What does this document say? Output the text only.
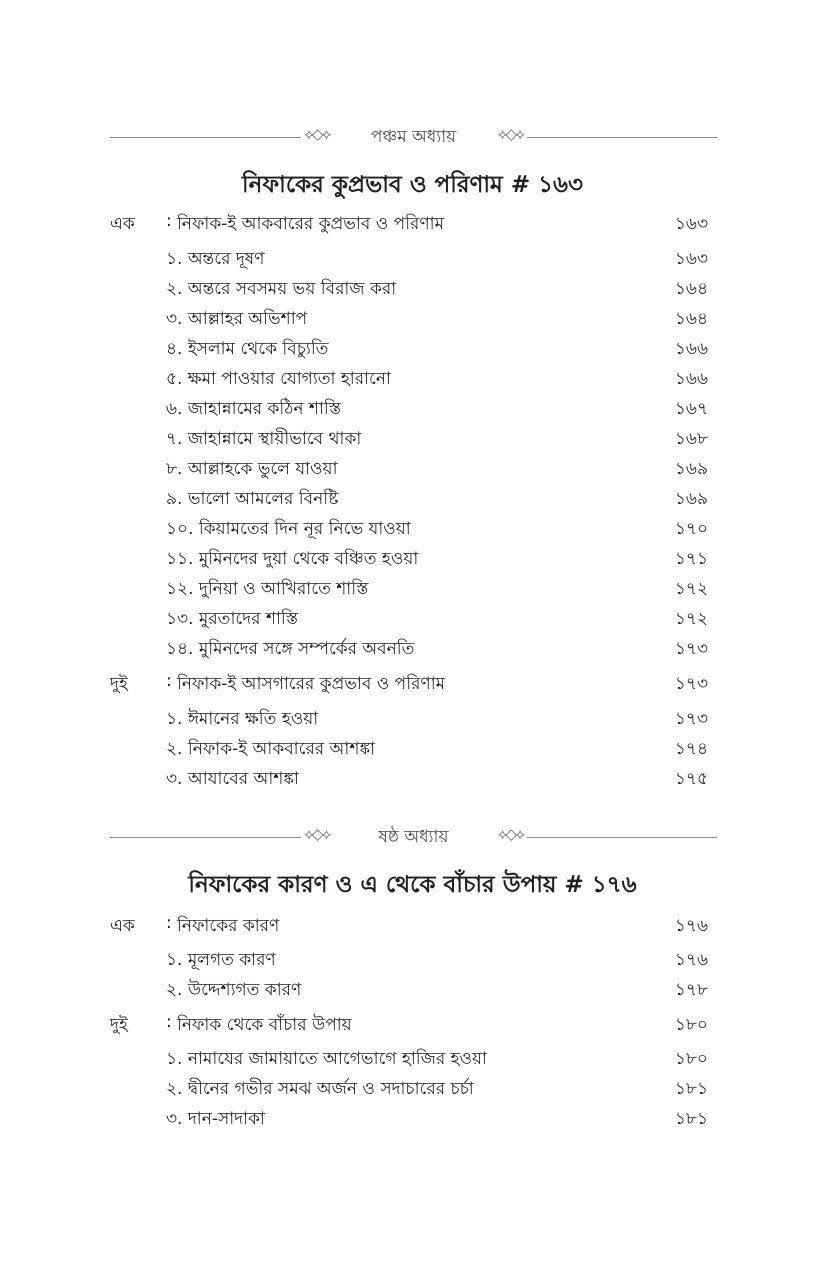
⟡◇⟡	পঞ্চম অধ্যায়	⟡◇⟡
নিফাকের কুপ্রভাব ও পরিণাম # ১৬৩
এক : নিফাক-ই আকবারের কুপ্রভাব ও পরিণাম	১৬৩
১. অন্তরে দূষণ	১৬৩
২. অন্তরে সবসময় ভয় বিরাজ করা	১৬৪
৩. আল্লাহর অভিশাপ	১৬৪
৪. ইসলাম থেকে বিচ্যুতি	১৬৬
৫. ক্ষমা পাওয়ার যোগ্যতা হারানো	১৬৬
৬. জাহান্নামের কঠিন শাস্তি	১৬৭
৭. জাহান্নামে স্থায়ীভাবে থাকা	১৬৮
৮. আল্লাহকে ভুলে যাওয়া	১৬৯
৯. ভালো আমলের বিনষ্টি	১৬৯
১০. কিয়ামতের দিন নূর নিভে যাওয়া	১৭০
১১. মুমিনদের দুয়া থেকে বঞ্চিত হওয়া	১৭১
১২. দুনিয়া ও আখিরাতে শাস্তি	১৭২
১৩. মুরতাদের শাস্তি	১৭২
১৪. মুমিনদের সঙ্গে সম্পর্কের অবনতি	১৭৩
দুই : নিফাক-ই আসগারের কুপ্রভাব ও পরিণাম	১৭৩
১. ঈমানের ক্ষতি হওয়া	১৭৩
২. নিফাক-ই আকবারের আশঙ্কা	১৭৪
৩. আযাবের আশঙ্কা	১৭৫
⟡◇⟡	ষষ্ঠ অধ্যায়	⟡◇⟡
নিফাকের কারণ ও এ থেকে বাঁচার উপায় # ১৭৬
এক : নিফাকের কারণ	১৭৬
১. মূলগত কারণ	১৭৬
২. উদ্দেশ্যগত কারণ	১৭৮
দুই : নিফাক থেকে বাঁচার উপায়	১৮০
১. নামাযের জামায়াতে আগেভাগে হাজির হওয়া	১৮০
২. দ্বীনের গভীর সমঝ অর্জন ও সদাচারের চর্চা	১৮১
৩. দান-সাদাকা	১৮১
